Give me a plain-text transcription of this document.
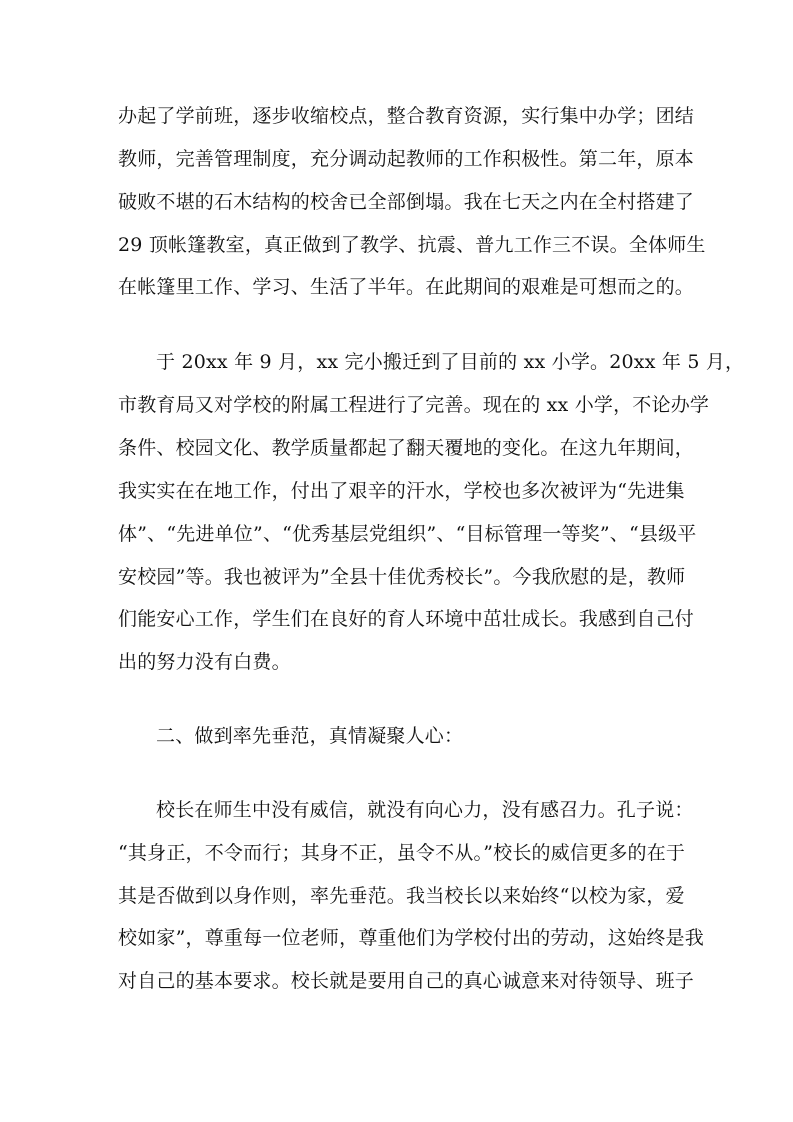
办起了学前班，逐步收缩校点，整合教育资源，实行集中办学；团结
教师，完善管理制度，充分调动起教师的工作积极性。第二年，原本
破败不堪的石木结构的校舍已全部倒塌。我在七天之内在全村搭建了
29 顶帐篷教室，真正做到了教学、抗震、普九工作三不误。全体师生
在帐篷里工作、学习、生活了半年。在此期间的艰难是可想而之的。
于 20xx 年 9 月，xx 完小搬迁到了目前的 xx 小学。20xx 年 5 月，
市教育局又对学校的附属工程进行了完善。现在的 xx 小学，不论办学
条件、校园文化、教学质量都起了翻天覆地的变化。在这九年期间，
我实实在在地工作，付出了艰辛的汗水，学校也多次被评为“先进集
体”、“先进单位”、“优秀基层党组织”、“目标管理一等奖”、“县级平
安校园”等。我也被评为”全县十佳优秀校长”。今我欣慰的是，教师
们能安心工作，学生们在良好的育人环境中茁壮成长。我感到自己付
出的努力没有白费。
二、做到率先垂范，真情凝聚人心：
校长在师生中没有威信，就没有向心力，没有感召力。孔子说：
“其身正，不令而行；其身不正，虽令不从。”校长的威信更多的在于
其是否做到以身作则，率先垂范。我当校长以来始终“以校为家，爱
校如家”，尊重每一位老师，尊重他们为学校付出的劳动，这始终是我
对自己的基本要求。校长就是要用自己的真心诚意来对待领导、班子
